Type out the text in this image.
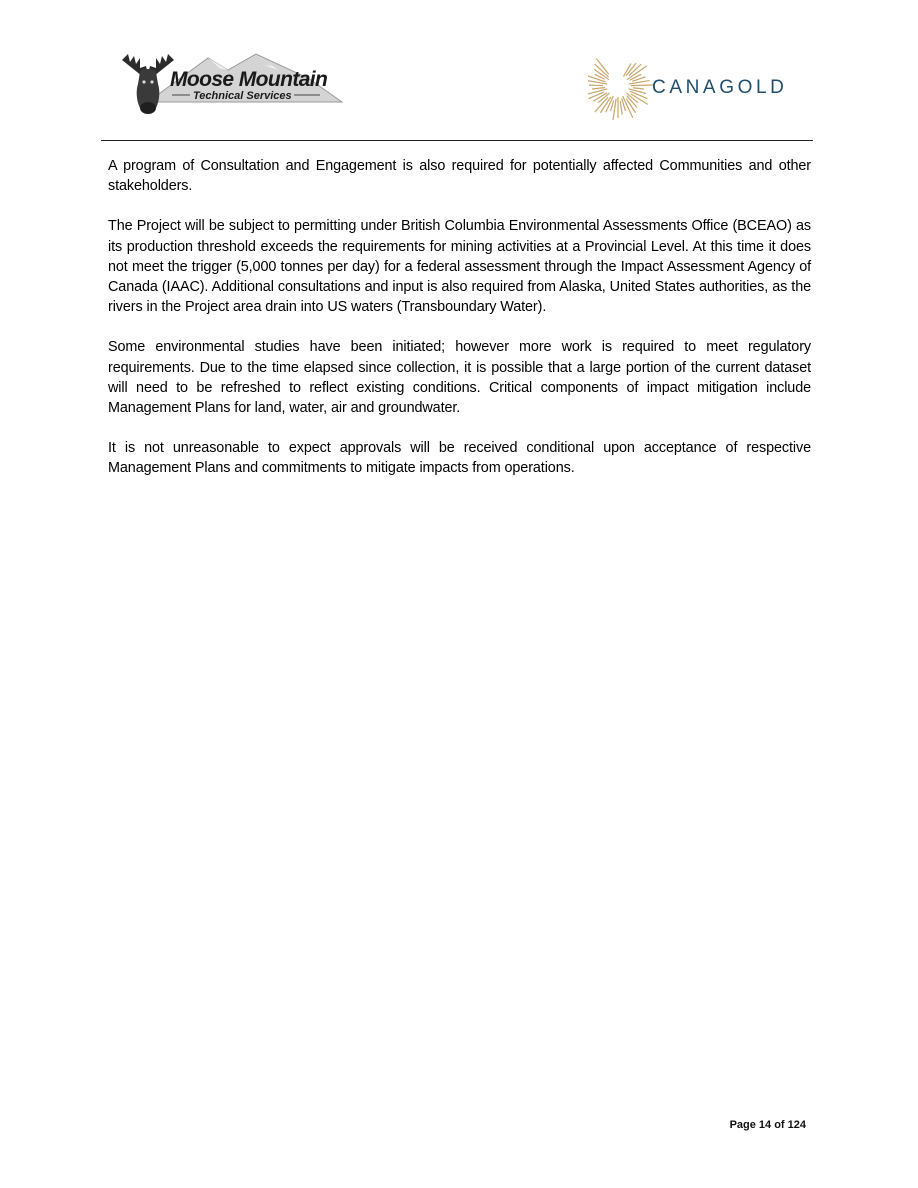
Moose Mountain
Technical Services	CANAGOLD

A program of Consultation and Engagement is also required for potentially affected Communities and other stakeholders.

The Project will be subject to permitting under British Columbia Environmental Assessments Office (BCEAO) as its production threshold exceeds the requirements for mining activities at a Provincial Level. At this time it does not meet the trigger (5,000 tonnes per day) for a federal assessment through the Impact Assessment Agency of Canada (IAAC). Additional consultations and input is also required from Alaska, United States authorities, as the rivers in the Project area drain into US waters (Transboundary Water).

Some environmental studies have been initiated; however more work is required to meet regulatory requirements. Due to the time elapsed since collection, it is possible that a large portion of the current dataset will need to be refreshed to reflect existing conditions. Critical components of impact mitigation include Management Plans for land, water, air and groundwater.

It is not unreasonable to expect approvals will be received conditional upon acceptance of respective Management Plans and commitments to mitigate impacts from operations.

Page 14 of 124
